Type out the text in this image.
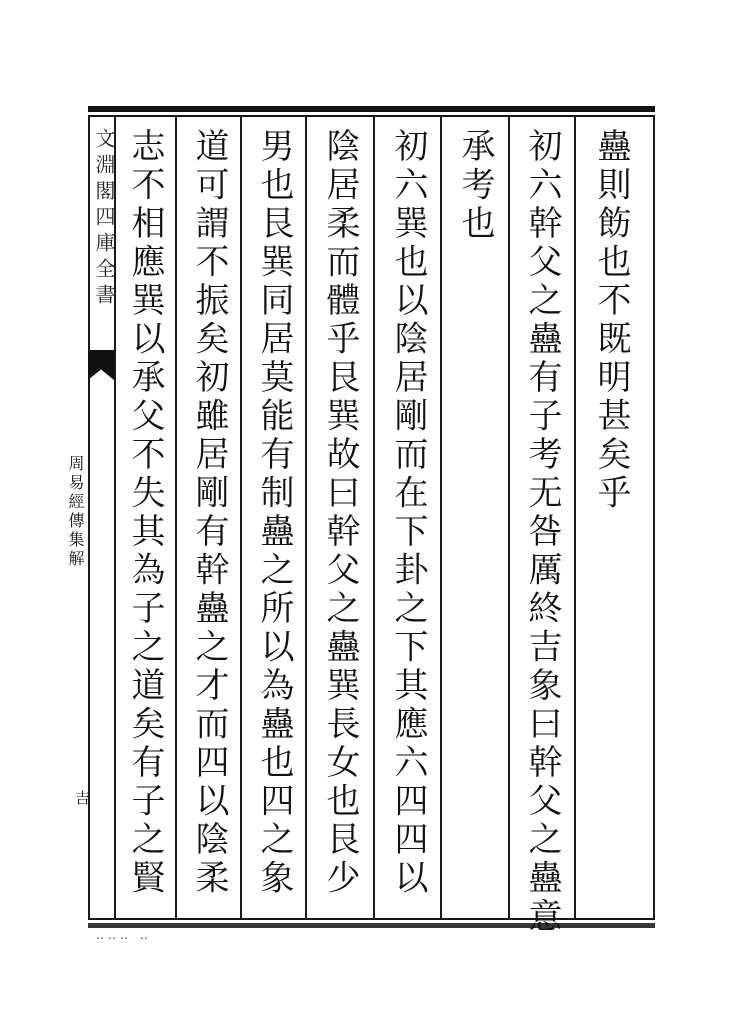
文淵閣四庫全書
周易經傳集解
吉
蠱則飭也不既明甚矣乎
初六幹父之蠱有子考无咎厲終吉象曰幹父之蠱意
承考也
初六巽也以陰居剛而在下卦之下其應六四四以
陰居柔而體乎艮巽故曰幹父之蠱巽長女也艮少
男也艮巽同居莫能有制蠱之所以為蠱也四之象
道可謂不振矣初雖居剛有幹蠱之才而四以陰柔
志不相應巽以承父不失其為子之道矣有子之賢
‥‥‥ ‥
